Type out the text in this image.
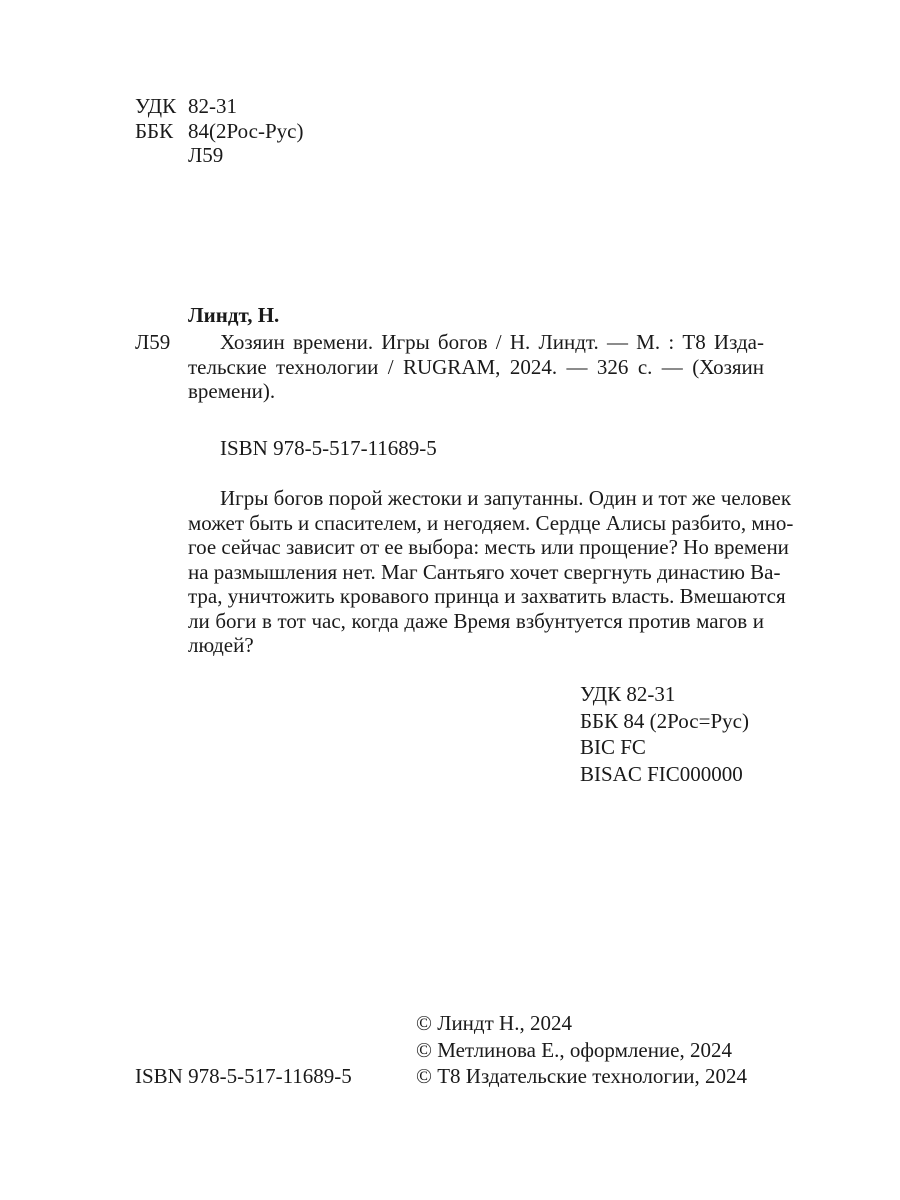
УДК 82-31
ББК 84(2Рос-Рус)
Л59
Линдт, Н.
Л59	Хозяин времени. Игры богов / Н. Линдт. — М. : Т8 Изда-
тельские технологии / RUGRAM, 2024. — 326 с. — (Хозяин
времени).
ISBN 978-5-517-11689-5
Игры богов порой жестоки и запутанны. Один и тот же человек
может быть и спасителем, и негодяем. Сердце Алисы разбито, мно-
гое сейчас зависит от ее выбора: месть или прощение? Но времени
на размышления нет. Маг Сантьяго хочет свергнуть династию Ва-
тра, уничтожить кровавого принца и захватить власть. Вмешаются
ли боги в тот час, когда даже Время взбунтуется против магов и
людей?
УДК 82-31
ББК 84 (2Рос=Рус)
BIC FC
BISAC FIC000000
© Линдт Н., 2024
© Метлинова Е., оформление, 2024
© Т8 Издательские технологии, 2024
ISBN 978-5-517-11689-5
